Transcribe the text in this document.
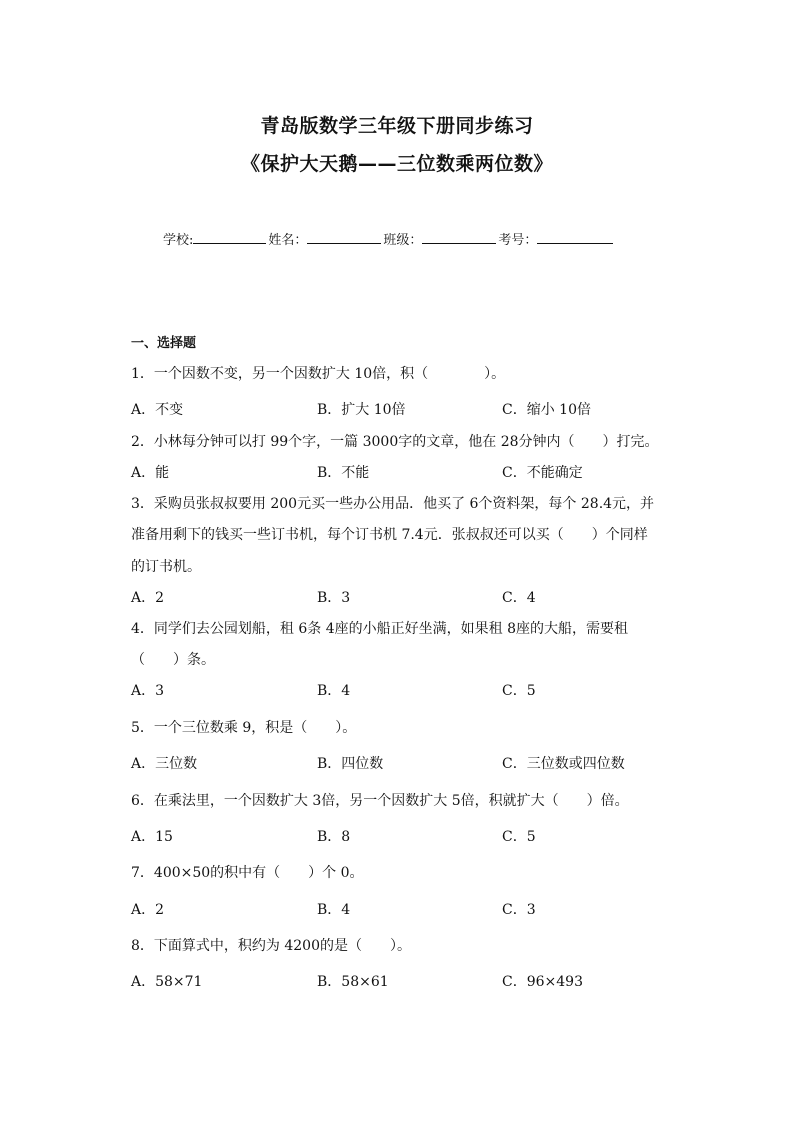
青岛版数学三年级下册同步练习
《保护大天鹅——三位数乘两位数》
学校:	姓名：	班级：	考号：
一、选择题
1．一个因数不变，另一个因数扩大 10倍，积（　　　　）。
A．不变	B．扩大 10倍	C．缩小 10倍
2．小林每分钟可以打 99个字，一篇 3000字的文章，他在 28分钟内（　　）打完。
A．能	B．不能	C．不能确定
3．采购员张叔叔要用 200元买一些办公用品．他买了 6个资料架，每个 28.4元，并
准备用剩下的钱买一些订书机，每个订书机 7.4元．张叔叔还可以买（　　）个同样
的订书机。
A．2	B．3	C．4
4．同学们去公园划船，租 6条 4座的小船正好坐满，如果租 8座的大船，需要租
（　　）条。
A．3	B．4	C．5
5．一个三位数乘 9，积是（　　）。
A．三位数	B．四位数	C．三位数或四位数
6．在乘法里，一个因数扩大 3倍，另一个因数扩大 5倍，积就扩大（　　）倍。
A．15	B．8	C．5
7．400×50的积中有（　　）个 0。
A．2	B．4	C．3
8．下面算式中，积约为 4200的是（　　）。
A．58×71	B．58×61	C．96×493
